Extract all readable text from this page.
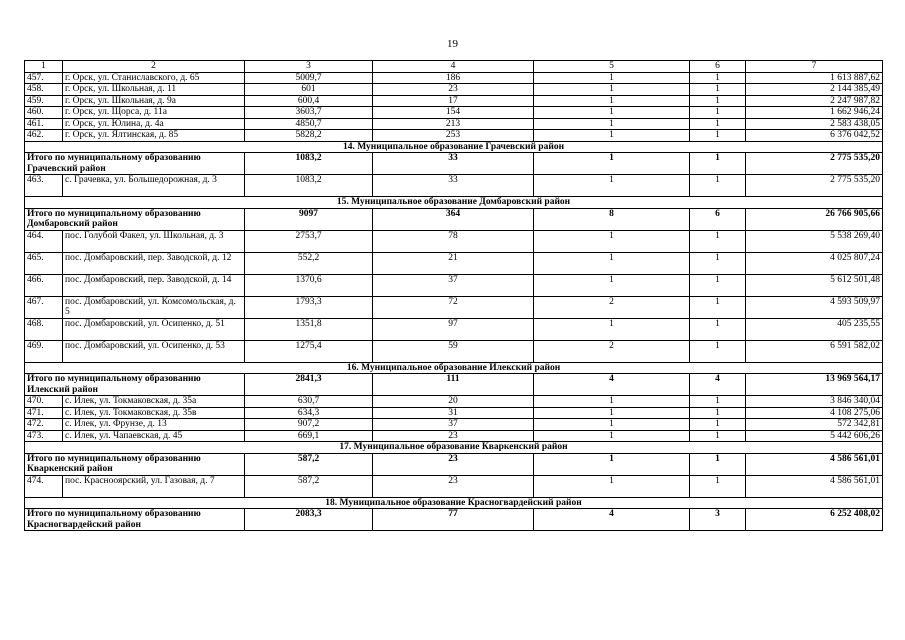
19
1	2	3	4	5	6	7
457.	г. Орск, ул. Станиславского, д. 65	5009,7	186	1	1	1 613 887,62
458.	г. Орск, ул. Школьная, д. 11	601	23	1	1	2 144 385,49
459.	г. Орск, ул. Школьная, д. 9а	600,4	17	1	1	2 247 987,82
460.	г. Орск, ул. Щорса, д. 11а	3603,7	154	1	1	1 662 946,24
461.	г. Орск, ул. Юлина, д. 4а	4850,7	213	1	1	2 583 438,05
462.	г. Орск, ул. Ялтинская, д. 85	5828,2	253	1	1	6 376 042,52
14. Муниципальное образование Грачевский район						
Итого по муниципальному образованию Грачевский район		1083,2	33	1	1	2 775 535,20
463.	с. Грачевка, ул. Большедорожная, д. 3	1083,2	33	1	1	2 775 535,20
15. Муниципальное образование Домбаровский район						
Итого по муниципальному образованию Домбаровский район		9097	364	8	6	26 766 905,66
464.	пос. Голубой Факел, ул. Школьная, д. 3	2753,7	78	1	1	5 538 269,40
465.	пос. Домбаровский, пер. Заводской, д. 12	552,2	21	1	1	4 025 807,24
466.	пос. Домбаровский, пер. Заводской, д. 14	1370,6	37	1	1	5 612 501,48
467.	пос. Домбаровский, ул. Комсомольская, д. 5	1793,3	72	2	1	4 593 509,97
468.	пос. Домбаровский, ул. Осипенко, д. 51	1351,8	97	1	1	405 235,55
469.	пос. Домбаровский, ул. Осипенко, д. 53	1275,4	59	2	1	6 591 582,02
16. Муниципальное образование Илекский район						
Итого по муниципальному образованию Илекский район		2841,3	111	4	4	13 969 564,17
470.	с. Илек, ул. Токмаковская, д. 35а	630,7	20	1	1	3 846 340,04
471.	с. Илек, ул. Токмаковская, д. 35в	634,3	31	1	1	4 108 275,06
472.	с. Илек, ул. Фрунзе, д. 13	907,2	37	1	1	572 342,81
473.	с. Илек, ул. Чапаевская, д. 45	669,1	23	1	1	5 442 606,26
17. Муниципальное образование Кваркенский район						
Итого по муниципальному образованию Кваркенский район		587,2	23	1	1	4 586 561,01
474.	пос. Краснооярский, ул. Газовая, д. 7	587,2	23	1	1	4 586 561,01
18. Муниципальное образование Красногвардейский район						
Итого по муниципальному образованию Красногвардейский район		2083,3	77	4	3	6 252 408,02
